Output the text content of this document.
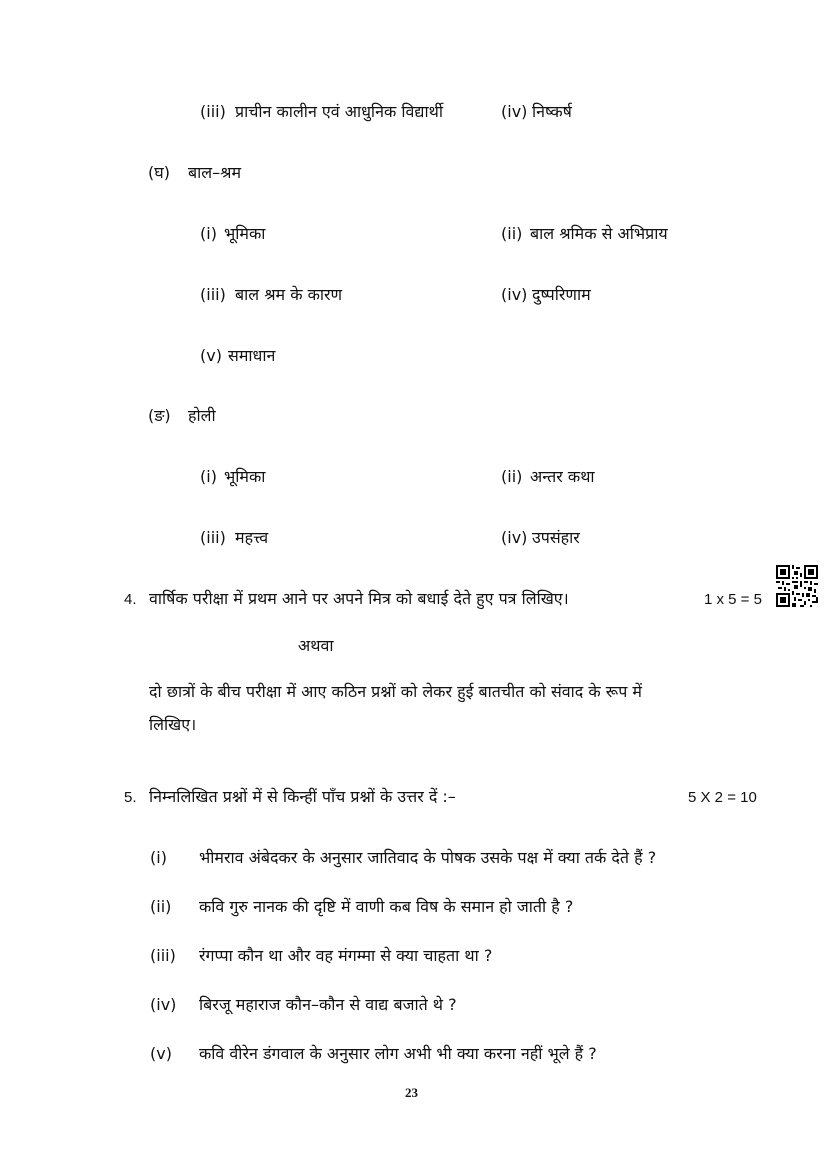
(iii) प्राचीन कालीन एवं आधुनिक विद्यार्थी	(iv) निष्कर्ष
(घ) बाल–श्रम
(i) भूमिका	(ii) बाल श्रमिक से अभिप्राय
(iii) बाल श्रम के कारण	(iv) दुष्परिणाम
(v) समाधान
(ङ) होली
(i) भूमिका	(ii) अन्तर कथा
(iii) महत्त्व	(iv) उपसंहार
4. वार्षिक परीक्षा में प्रथम आने पर अपने मित्र को बधाई देते हुए पत्र लिखिए।	1 x 5 = 5
अथवा
दो छात्रों के बीच परीक्षा में आए कठिन प्रश्नों को लेकर हुई बातचीत को संवाद के रूप में
लिखिए।
5. निम्नलिखित प्रश्नों में से किन्हीं पाँच प्रश्नों के उत्तर दें :–	5 X 2 = 10
(i) भीमराव अंबेदकर के अनुसार जातिवाद के पोषक उसके पक्ष में क्या तर्क देते हैं ?
(ii) कवि गुरु नानक की दृष्टि में वाणी कब विष के समान हो जाती है ?
(iii) रंगप्पा कौन था और वह मंगम्मा से क्या चाहता था ?
(iv) बिरजू महाराज कौन–कौन से वाद्य बजाते थे ?
(v) कवि वीरेन डंगवाल के अनुसार लोग अभी भी क्या करना नहीं भूले हैं ?
23
